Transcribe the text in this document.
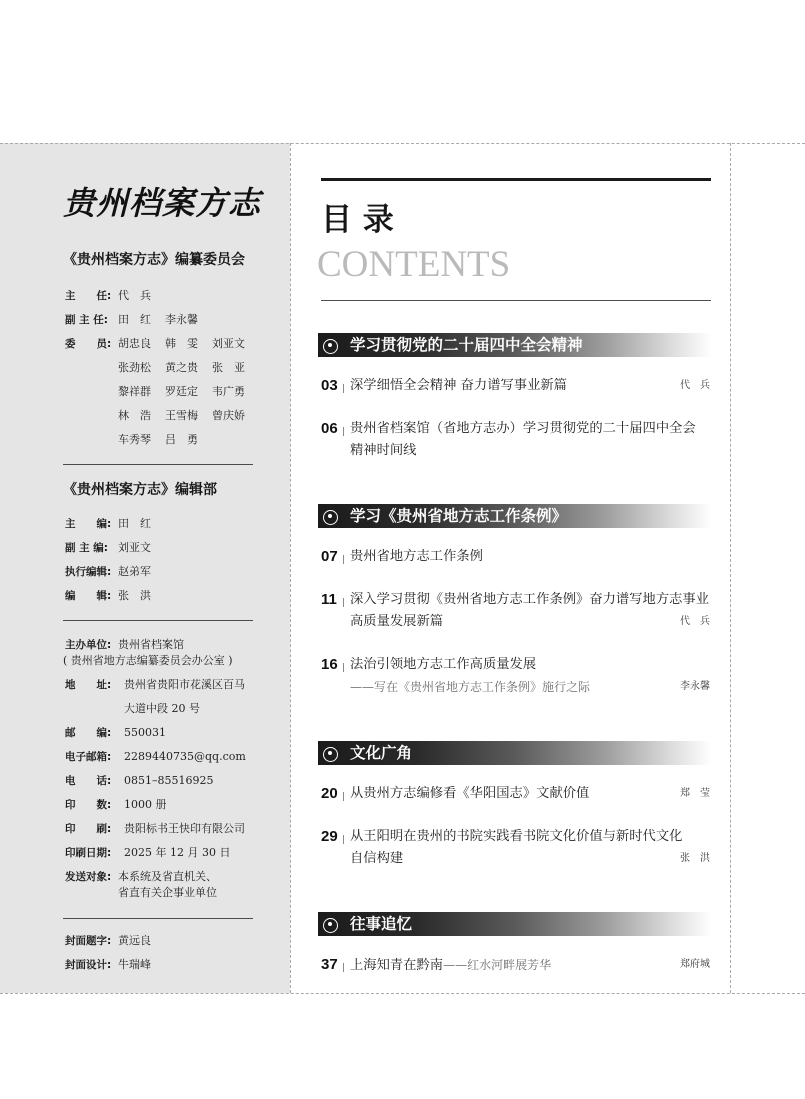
贵州档案方志
《贵州档案方志》编纂委员会
主　　任: 代　兵
副 主 任: 田　红	李永馨
委　　员: 胡忠良	韩　雯	刘亚文
张劲松	黄之贵	张　亚
黎祥群	罗廷定	韦广勇
林　浩	王雪梅	曾庆娇
车秀琴	吕　勇
《贵州档案方志》编辑部
主　　编: 田　红
副 主 编: 刘亚文
执行编辑: 赵弟军
编　　辑: 张　洪
主办单位: 贵州省档案馆
( 贵州省地方志编纂委员会办公室 )
地　　址:	贵州省贵阳市花溪区百马
大道中段 20 号
邮　　编:	550031
电子邮箱:	2289440735@qq.com
电　　话:	0851–85516925
印　　数:	1000 册
印　　刷:	贵阳标书王快印有限公司
印刷日期:	2025 年 12 月 30 日
发送对象: 本系统及省直机关、
省直有关企事业单位
封面题字: 黄远良
封面设计: 牛瑞峰
目 录
CONTENTS
学习贯彻党的二十届四中全会精神
03 深学细悟全会精神 奋力谱写事业新篇	代　兵
06 贵州省档案馆（省地方志办）学习贯彻党的二十届四中全会
精神时间线
学习《贵州省地方志工作条例》
07 贵州省地方志工作条例
11 深入学习贯彻《贵州省地方志工作条例》奋力谱写地方志事业
高质量发展新篇	代　兵
16 法治引领地方志工作高质量发展
——写在《贵州省地方志工作条例》施行之际	李永馨
文化广角
20 从贵州方志编修看《华阳国志》文献价值	郑　莹
29 从王阳明在贵州的书院实践看书院文化价值与新时代文化
自信构建	张　洪
往事追忆
37 上海知青在黔南——红水河畔展芳华	郑府城
